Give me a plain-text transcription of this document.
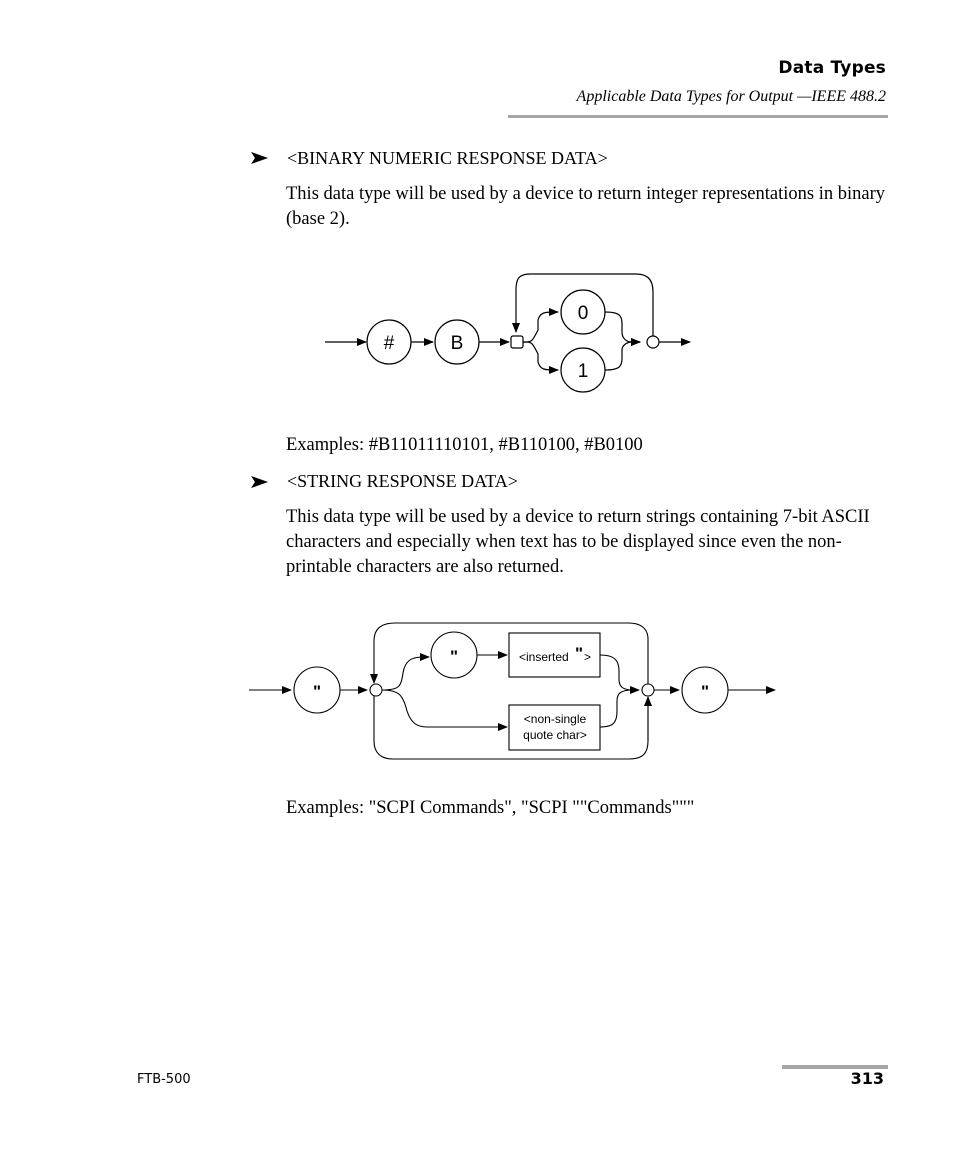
Data Types
Applicable Data Types for Output —IEEE 488.2
<BINARY NUMERIC RESPONSE DATA>
This data type will be used by a device to return integer representations in binary (base 2).
#	B
0
1
Examples: #B11011110101, #B110100, #B0100
<STRING RESPONSE DATA>
This data type will be used by a device to return strings containing 7-bit ASCII characters and especially when text has to be displayed since even the non-printable characters are also returned.
"
"
"
<inserted " >
<non-single
quote char>
Examples: "SCPI Commands", "SCPI ""Commands"""
FTB-500	313
